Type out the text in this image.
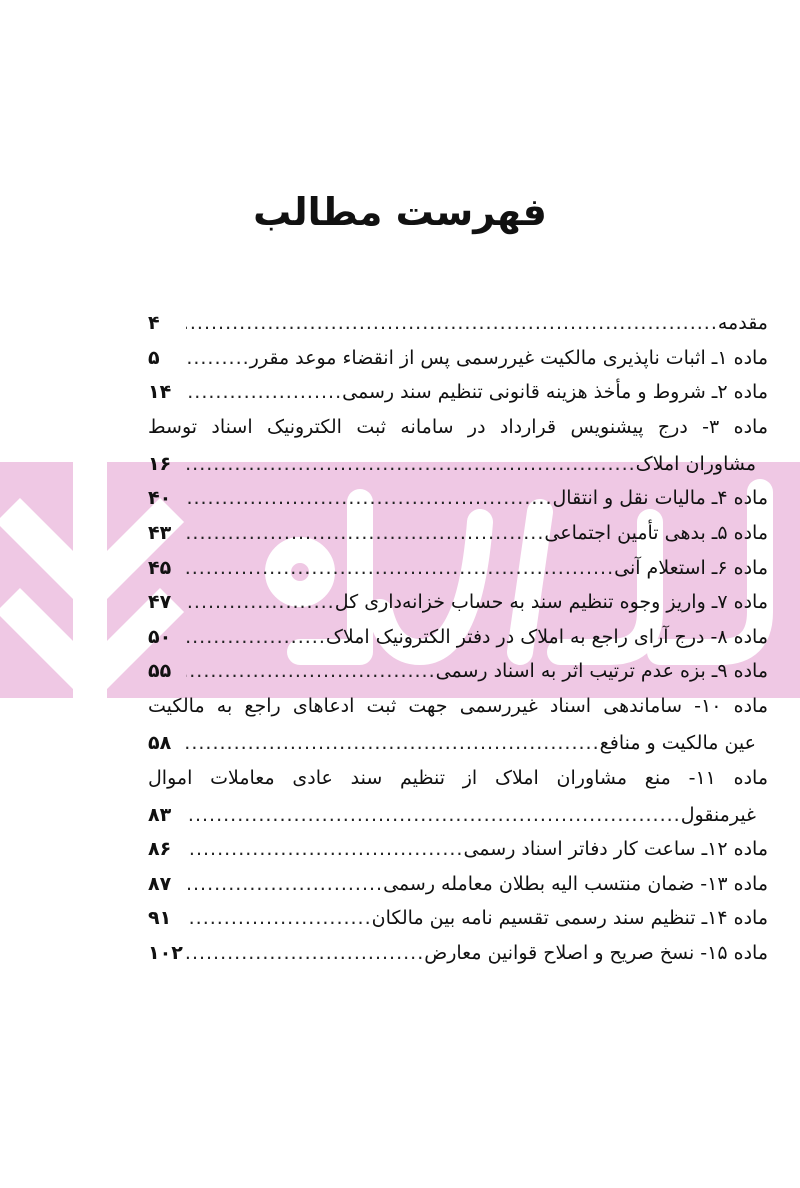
فهرست مطالب
مقدمه
.....
۴
ماده ۱ـ اثبات ناپذیری مالکیت غیررسمی پس از انقضاء موعد مقرر
.....
۵
ماده ۲ـ شروط و مأخذ هزینه قانونی تنظیم سند رسمی
.....
۱۴
ماده ۳- درج پیشنویس قرارداد در سامانه ثبت الکترونیک اسناد توسط
مشاوران املاک
.....
۱۶
ماده ۴ـ مالیات نقل و انتقال
.....
۴۰
ماده ۵ـ بدهی تأمین اجتماعی
.....
۴۳
ماده ۶ـ استعلام آنی
.....
۴۵
ماده ۷ـ واریز وجوه تنظیم سند به حساب خزانه‌داری کل
.....
۴۷
ماده ۸- درج آرای راجع به املاک در دفتر الکترونیک املاک
.....
۵۰
ماده ۹ـ بزه عدم ترتیب اثر به اسناد رسمی
.....
۵۵
ماده ۱۰- ساماندهی اسناد غیررسمی جهت ثبت ادعاهای راجع به مالکیت
عین مالکیت و منافع
.....
۵۸
ماده ۱۱- منع مشاوران املاک از تنظیم سند عادی معاملات اموال
غیرمنقول
.....
۸۳
ماده ۱۲ـ ساعت کار دفاتر اسناد رسمی
.....
۸۶
ماده ۱۳- ضمان منتسب الیه بطلان معامله رسمی
.....
۸۷
ماده ۱۴ـ تنظیم سند رسمی تقسیم نامه بین مالکان
.....
۹۱
ماده ۱۵- نسخ صریح و اصلاح قوانین معارض
.....
۱۰۲
